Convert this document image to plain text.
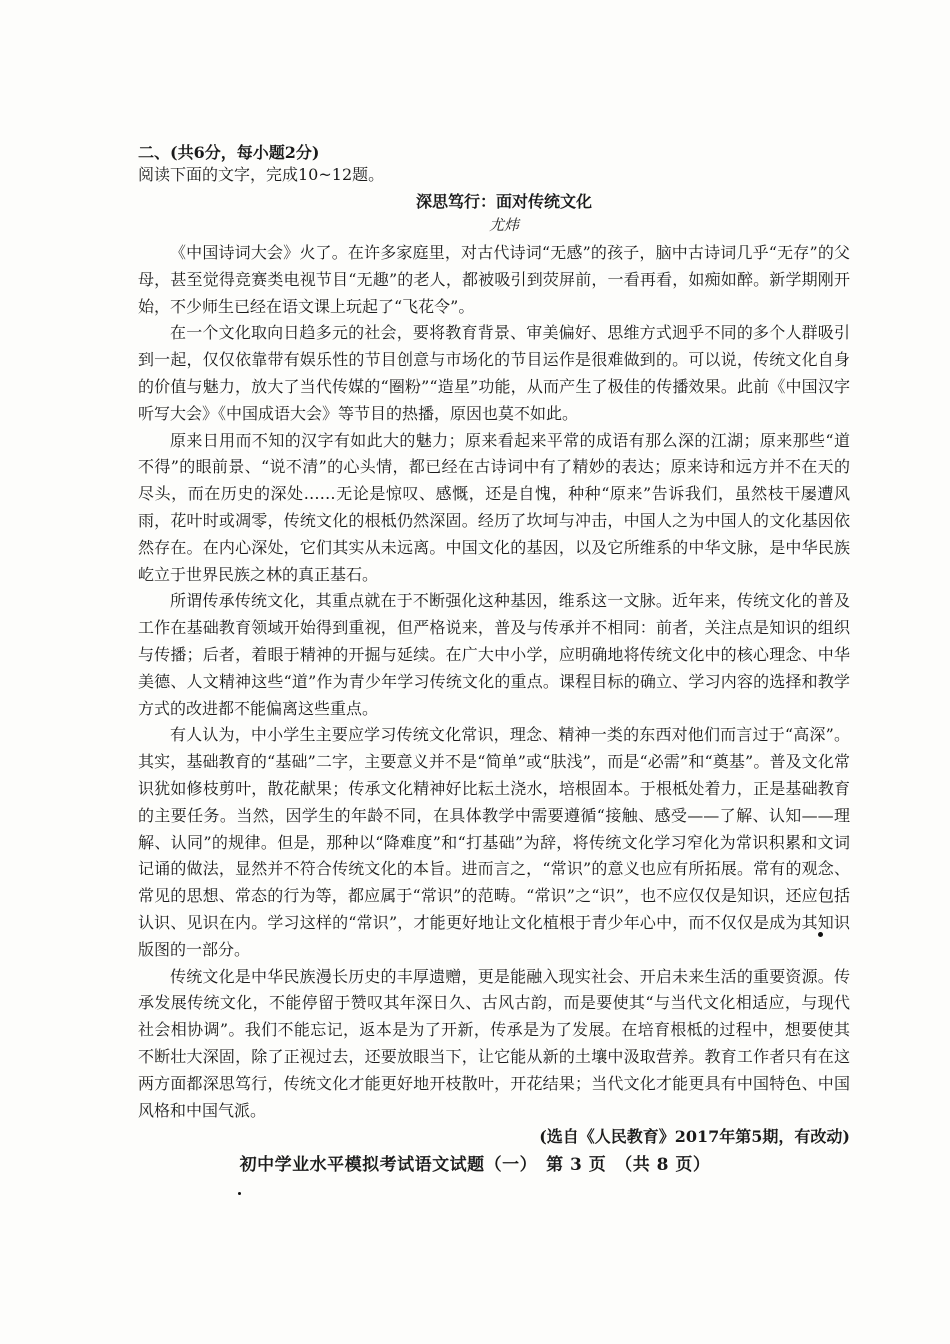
二、(共6分，每小题2分)

阅读下面的文字，完成10~12题。

深思笃行：面对传统文化

尤炜

《中国诗词大会》火了。在许多家庭里，对古代诗词“无感”的孩子，脑中古诗词几乎“无存”的父母，甚至觉得竞赛类电视节目“无趣”的老人，都被吸引到荧屏前，一看再看，如痴如醉。新学期刚开始，不少师生已经在语文课上玩起了“飞花令”。

在一个文化取向日趋多元的社会，要将教育背景、审美偏好、思维方式迥乎不同的多个人群吸引到一起，仅仅依靠带有娱乐性的节目创意与市场化的节目运作是很难做到的。可以说，传统文化自身的价值与魅力，放大了当代传媒的“圈粉”“造星”功能，从而产生了极佳的传播效果。此前《中国汉字听写大会》《中国成语大会》等节目的热播，原因也莫不如此。

原来日用而不知的汉字有如此大的魅力；原来看起来平常的成语有那么深的江湖；原来那些“道不得”的眼前景、“说不清”的心头情，都已经在古诗词中有了精妙的表达；原来诗和远方并不在天的尽头，而在历史的深处……无论是惊叹、感慨，还是自愧，种种“原来”告诉我们，虽然枝干屡遭风雨，花叶时或凋零，传统文化的根柢仍然深固。经历了坎坷与冲击，中国人之为中国人的文化基因依然存在。在内心深处，它们其实从未远离。中国文化的基因，以及它所维系的中华文脉，是中华民族屹立于世界民族之林的真正基石。

所谓传承传统文化，其重点就在于不断强化这种基因，维系这一文脉。近年来，传统文化的普及工作在基础教育领域开始得到重视，但严格说来，普及与传承并不相同：前者，关注点是知识的组织与传播；后者，着眼于精神的开掘与延续。在广大中小学，应明确地将传统文化中的核心理念、中华美德、人文精神这些“道”作为青少年学习传统文化的重点。课程目标的确立、学习内容的选择和教学方式的改进都不能偏离这些重点。

有人认为，中小学生主要应学习传统文化常识，理念、精神一类的东西对他们而言过于“高深”。其实，基础教育的“基础”二字，主要意义并不是“简单”或“肤浅”，而是“必需”和“奠基”。普及文化常识犹如修枝剪叶，散花献果；传承文化精神好比耘土浇水，培根固本。于根柢处着力，正是基础教育的主要任务。当然，因学生的年龄不同，在具体教学中需要遵循“接触、感受——了解、认知——理解、认同”的规律。但是，那种以“降难度”和“打基础”为辞，将传统文化学习窄化为常识积累和文词记诵的做法，显然并不符合传统文化的本旨。进而言之，“常识”的意义也应有所拓展。常有的观念、常见的思想、常态的行为等，都应属于“常识”的范畴。“常识”之“识”，也不应仅仅是知识，还应包括认识、见识在内。学习这样的“常识”，才能更好地让文化植根于青少年心中，而不仅仅是成为其知识版图的一部分。

传统文化是中华民族漫长历史的丰厚遗赠，更是能融入现实社会、开启未来生活的重要资源。传承发展传统文化，不能停留于赞叹其年深日久、古风古韵，而是要使其“与当代文化相适应，与现代社会相协调”。我们不能忘记，返本是为了开新，传承是为了发展。在培育根柢的过程中，想要使其不断壮大深固，除了正视过去，还要放眼当下，让它能从新的土壤中汲取营养。教育工作者只有在这两方面都深思笃行，传统文化才能更好地开枝散叶，开花结果；当代文化才能更具有中国特色、中国风格和中国气派。

(选自《人民教育》2017年第5期，有改动)

初中学业水平模拟考试语文试题（一）　第 3 页　（共 8 页）
